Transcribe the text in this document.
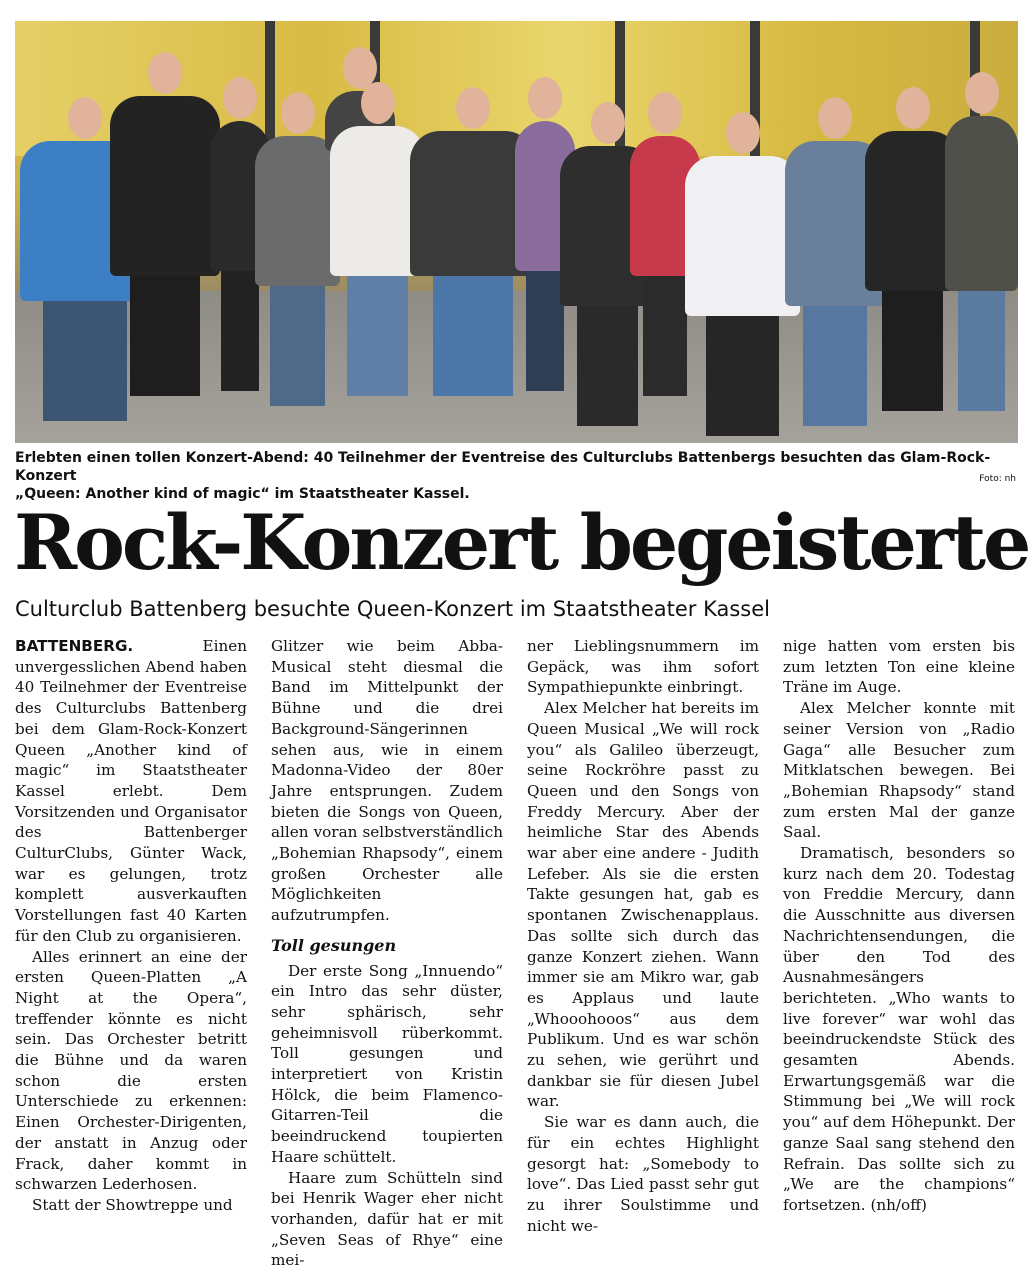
Erlebten einen tollen Konzert-Abend: 40 Teilnehmer der Eventreise des Culturclubs Battenbergs besuchten das Glam-Rock-Konzert
„Queen: Another kind of magic“ im Staatstheater Kassel.
Foto: nh
Rock-Konzert begeisterte
Culturclub Battenberg besuchte Queen-Konzert im Staatstheater Kassel

BATTENBERG.	Einen unvergesslichen Abend haben 40 Teilnehmer der Eventreise des Culturclubs Battenberg bei dem Glam-Rock-Konzert Queen „Another kind of magic“ im Staatstheater Kassel erlebt. Dem Vorsitzenden und Organisator des Battenberger CulturClubs, Günter Wack, war es gelungen, trotz komplett ausverkauften Vorstellungen fast 40 Karten für den Club zu organisieren.

Alles erinnert an eine der ersten Queen-Platten „A Night at the Opera“, treffender könnte es nicht sein. Das Orchester betritt die Bühne und da waren schon die ersten Unterschiede zu erkennen: Einen Orchester-Dirigenten, der anstatt in Anzug oder Frack, daher kommt in schwarzen Lederhosen.

Statt der Showtreppe und

Glitzer wie beim Abba-Musical steht diesmal die Band im Mittelpunkt der Bühne und die drei Background-Sängerinnen sehen aus, wie in einem Madonna-Video der 80er Jahre entsprungen. Zudem bieten die Songs von Queen, allen voran selbstverständlich „Bohemian Rhapsody“, einem großen Orchester alle Möglichkeiten aufzutrumpfen.

Toll gesungen

Der erste Song „Innuendo“ ein Intro das sehr düster, sehr sphärisch, sehr geheimnisvoll rüberkommt. Toll gesungen und interpretiert von Kristin Hölck, die beim Flamenco-Gitarren-Teil die beeindruckend toupierten Haare schüttelt.

Haare zum Schütteln sind bei Henrik Wager eher nicht vorhanden, dafür hat er mit „Seven Seas of Rhye“ eine mei-

ner Lieblingsnummern im Gepäck, was ihm sofort Sympathiepunkte einbringt.

Alex Melcher hat bereits im Queen Musical „We will rock you“ als Galileo überzeugt, seine Rockröhre passt zu Queen und den Songs von Freddy Mercury. Aber der heimliche Star des Abends war aber eine andere - Judith Lefeber. Als sie die ersten Takte gesungen hat, gab es spontanen Zwischenapplaus. Das sollte sich durch das ganze Konzert ziehen. Wann immer sie am Mikro war, gab es Applaus und laute „Whooohooos“ aus dem Publikum. Und es war schön zu sehen, wie gerührt und dankbar sie für diesen Jubel war.

Sie war es dann auch, die für ein echtes Highlight gesorgt hat: „Somebody to love“. Das Lied passt sehr gut zu ihrer Soulstimme und nicht we-

nige hatten vom ersten bis zum letzten Ton eine kleine Träne im Auge.

Alex Melcher konnte mit seiner Version von „Radio Gaga“ alle Besucher zum Mitklatschen bewegen. Bei „Bohemian Rhapsody“ stand zum ersten Mal der ganze Saal.

Dramatisch, besonders so kurz nach dem 20. Todestag von Freddie Mercury, dann die Ausschnitte aus diversen Nachrichtensendungen, die über den Tod des Ausnahmesängers berichteten. „Who wants to live forever“ war wohl das beeindruckendste Stück des gesamten Abends. Erwartungsgemäß war die Stimmung bei „We will rock you“ auf dem Höhepunkt. Der ganze Saal sang stehend den Refrain. Das sollte sich zu „We are the champions“ fortsetzen. (nh/off)
